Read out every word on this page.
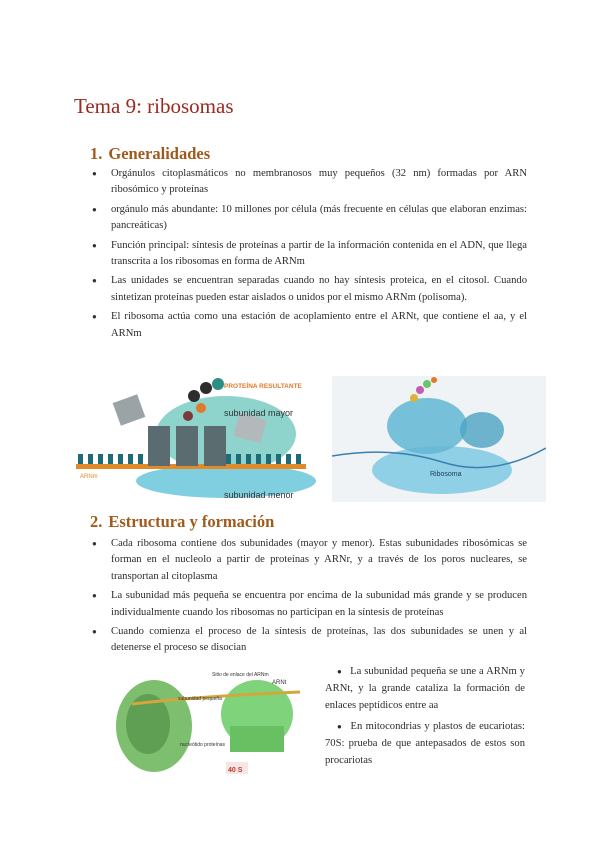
Tema 9: ribosomas
1. Generalidades
● Orgánulos citoplasmáticos no membranosos muy pequeños (32 nm) formadas por ARN ribosómico y proteínas
● orgánulo más abundante: 10 millones por célula (más frecuente en células que elaboran enzimas: pancreáticas)
● Función principal: síntesis de proteínas a partir de la información contenida en el ADN, que llega transcrita a los ribosomas en forma de ARNm
● Las unidades se encuentran separadas cuando no hay síntesis proteica, en el citosol. Cuando sintetizan proteínas pueden estar aislados o unidos por el mismo ARNm (polisoma).
● El ribosoma actúa como una estación de acoplamiento entre el ARNt, que contiene el aa, y el ARNm
PROTEÍNA RESULTANTE
subunidad mayor
subunidad menor
ARNm	Ribosoma
2. Estructura y formación
● Cada ribosoma contiene dos subunidades (mayor y menor). Estas subunidades ribosómicas se forman en el nucleolo a partir de proteínas y ARNr, y a través de los poros nucleares, se transportan al citoplasma
● La subunidad más pequeña se encuentra por encima de la subunidad más grande y se producen individualmente cuando los ribosomas no participan en la síntesis de proteínas
● Cuando comienza el proceso de la síntesis de proteínas, las dos subunidades se unen y al detenerse el proceso se disocian
Sitio de enlace del ARNm
ARNt
subunidad pequeña
nucleótido proteínas
40 S

● La subunidad pequeña se une a ARNm y ARNt, y la grande cataliza la formación de enlaces peptídicos entre aa

● En mitocondrias y plastos de eucariotas: 70S: prueba de que antepasados de estos son procariotas
